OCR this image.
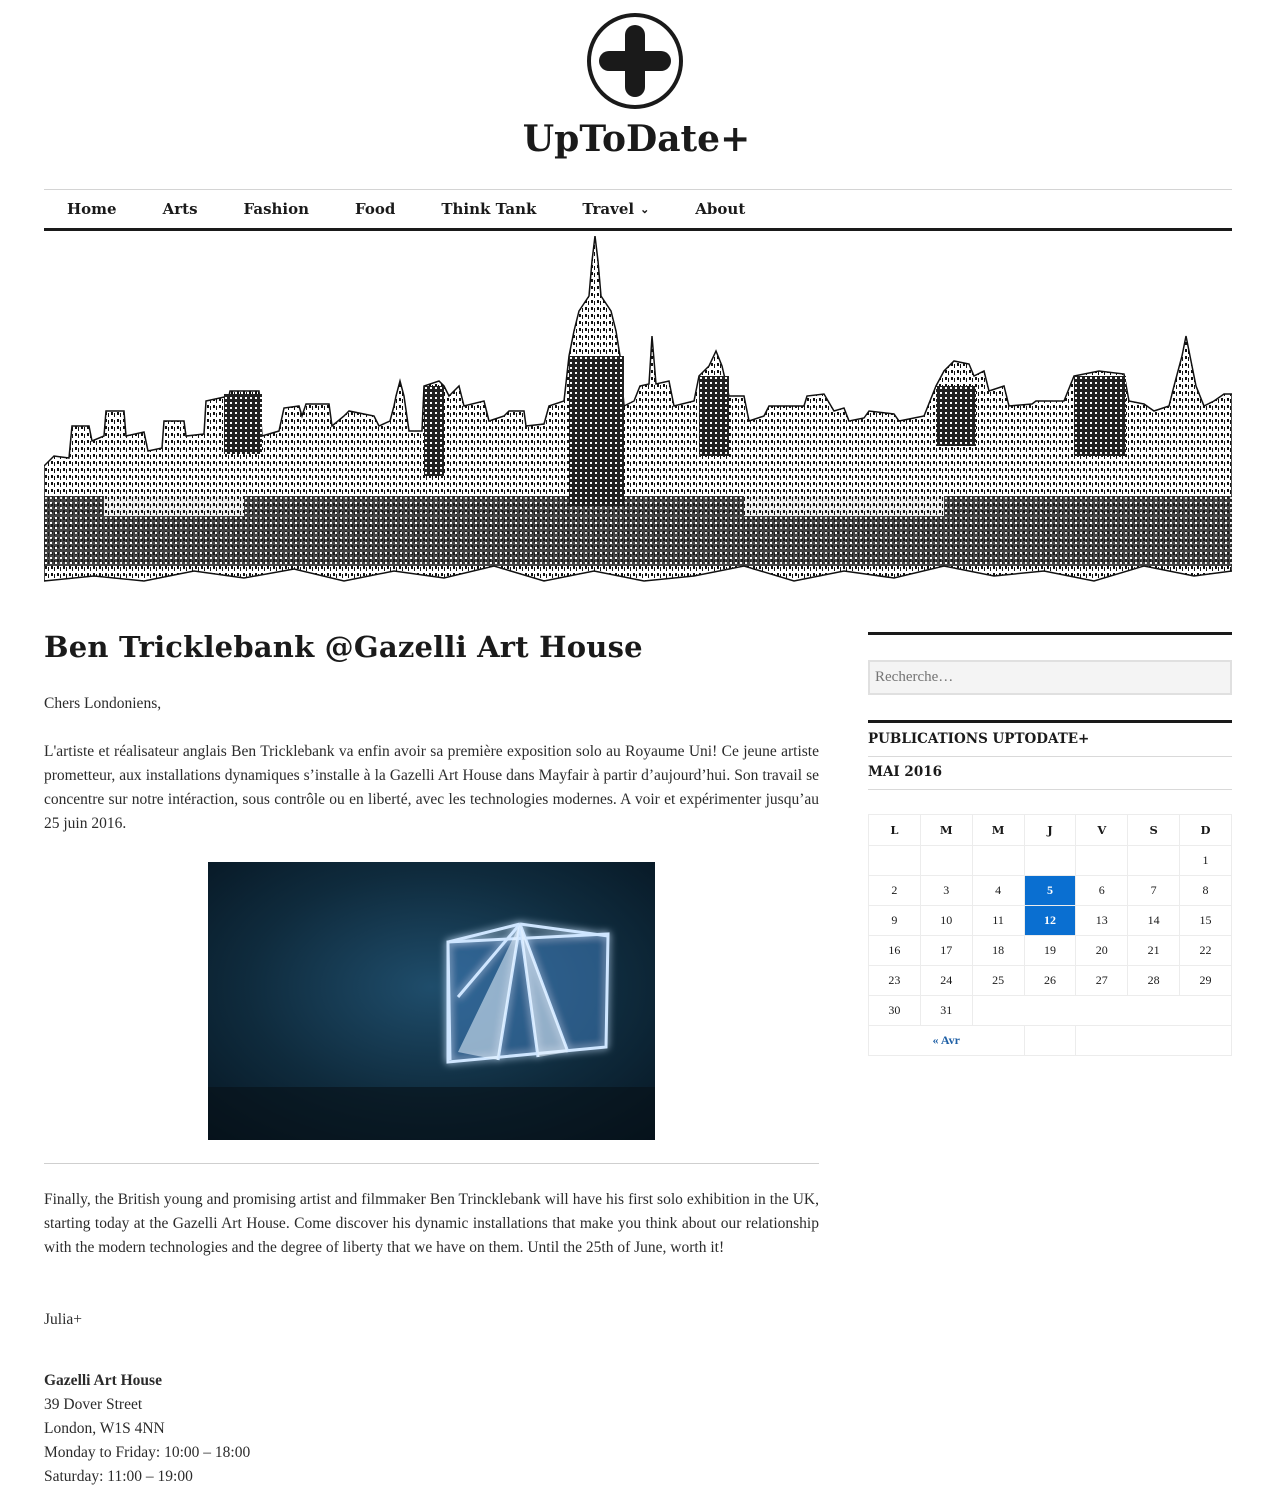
UpToDate+
Home	Arts	Fashion	Food	Think Tank	Travel ⌄	About
Ben Tricklebank @Gazelli Art House

Chers Londoniens,

L'artiste et réalisateur anglais Ben Tricklebank va enfin avoir sa première exposition solo au Royaume Uni! Ce jeune artiste prometteur, aux installations dynamiques s’installe à la Gazelli Art House dans Mayfair à partir d’aujourd’hui. Son travail se concentre sur notre intéraction, sous contrôle ou en liberté, avec les technologies modernes. A voir et expérimenter jusqu’au 25 juin 2016.

Finally, the British young and promising artist and filmmaker Ben Trincklebank will have his first solo exhibition in the UK, starting today at the Gazelli Art House. Come discover his dynamic installations that make you think about our relationship with the modern technologies and the degree of liberty that we have on them. Until the 25th of June, worth it!

Julia+

Gazelli Art House

39 Dover Street

London, W1S 4NN

Monday to Friday: 10:00 – 18:00

Saturday: 11:00 – 19:00

Recherche…
PUBLICATIONS UPTODATE+

MAI 2016

L	M	M	J	V	S	D
						1
2	3	4	5	6	7	8
9	10	11	12	13	14	15
16	17	18	19	20	21	22
23	24	25	26	27	28	29
30	31					
« Avr						
